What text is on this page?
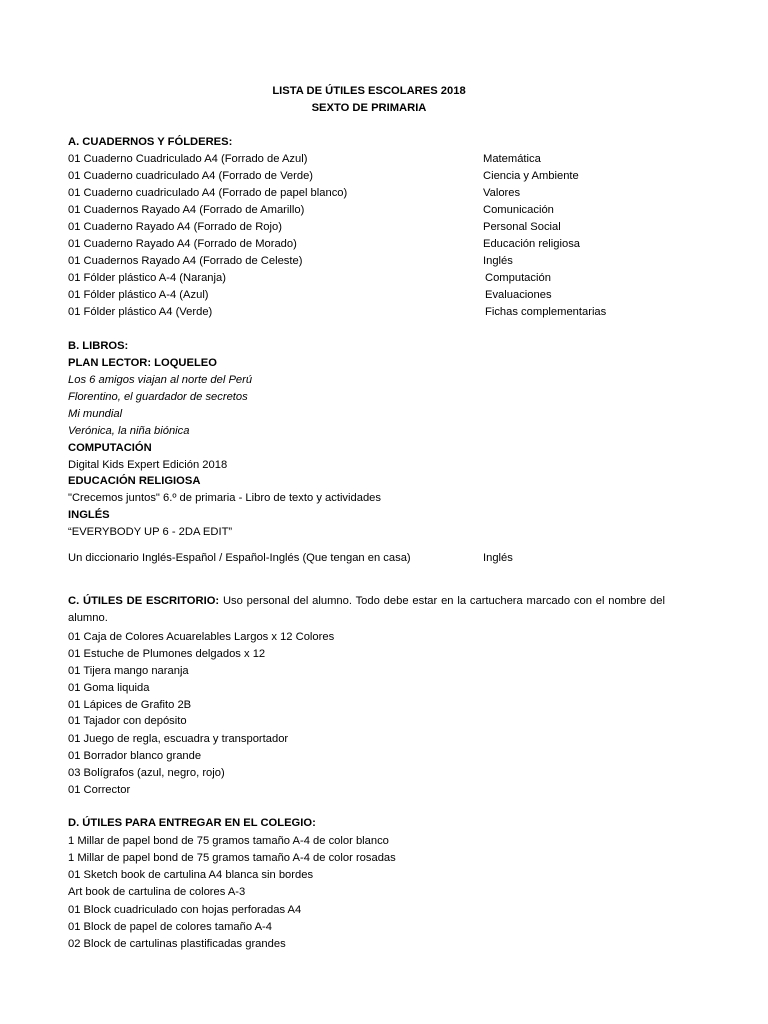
LISTA DE ÚTILES ESCOLARES 2018
SEXTO DE PRIMARIA
A. CUADERNOS Y FÓLDERES:
01 Cuaderno Cuadriculado A4 (Forrado de Azul)	Matemática
01 Cuaderno cuadriculado A4 (Forrado de Verde)	Ciencia y Ambiente
01 Cuaderno cuadriculado A4 (Forrado de papel blanco)	Valores
01 Cuadernos Rayado A4 (Forrado de Amarillo)	Comunicación
01 Cuaderno Rayado A4 (Forrado de Rojo)	Personal Social
01 Cuaderno Rayado A4 (Forrado de Morado)	Educación religiosa
01 Cuadernos Rayado A4 (Forrado de Celeste)	Inglés
01 Fólder plástico A-4 (Naranja)	Computación
01 Fólder plástico A-4 (Azul)	Evaluaciones
01 Fólder plástico A4 (Verde)	Fichas complementarias
B. LIBROS:
PLAN LECTOR: LOQUELEO
Los 6 amigos viajan al norte del Perú
Florentino, el guardador de secretos
Mi mundial
Verónica, la niña biónica
COMPUTACIÓN
Digital Kids Expert Edición 2018
EDUCACIÓN RELIGIOSA
"Crecemos juntos" 6.º de primaria - Libro de texto y actividades
INGLÉS
“EVERYBODY UP 6 - 2DA EDIT”
Un diccionario Inglés-Español / Español-Inglés (Que tengan en casa)	Inglés
C. ÚTILES DE ESCRITORIO: Uso personal del alumno. Todo debe estar en la cartuchera marcado con el nombre del alumno.
01 Caja de Colores Acuarelables Largos x 12 Colores
01 Estuche de Plumones delgados x 12
01 Tijera mango naranja
01 Goma liquida
01 Lápices de Grafito 2B
01 Tajador con depósito
01 Juego de regla, escuadra y transportador
01 Borrador blanco grande
03 Bolígrafos (azul, negro, rojo)
01 Corrector
D. ÚTILES PARA ENTREGAR EN EL COLEGIO:
1 Millar de papel bond de 75 gramos tamaño A-4 de color blanco
1 Millar de papel bond de 75 gramos tamaño A-4 de color rosadas
01 Sketch book de cartulina A4 blanca sin bordes
Art book de cartulina de colores A-3
01 Block cuadriculado con hojas perforadas A4
01 Block de papel de colores tamaño A-4
02 Block de cartulinas plastificadas grandes
